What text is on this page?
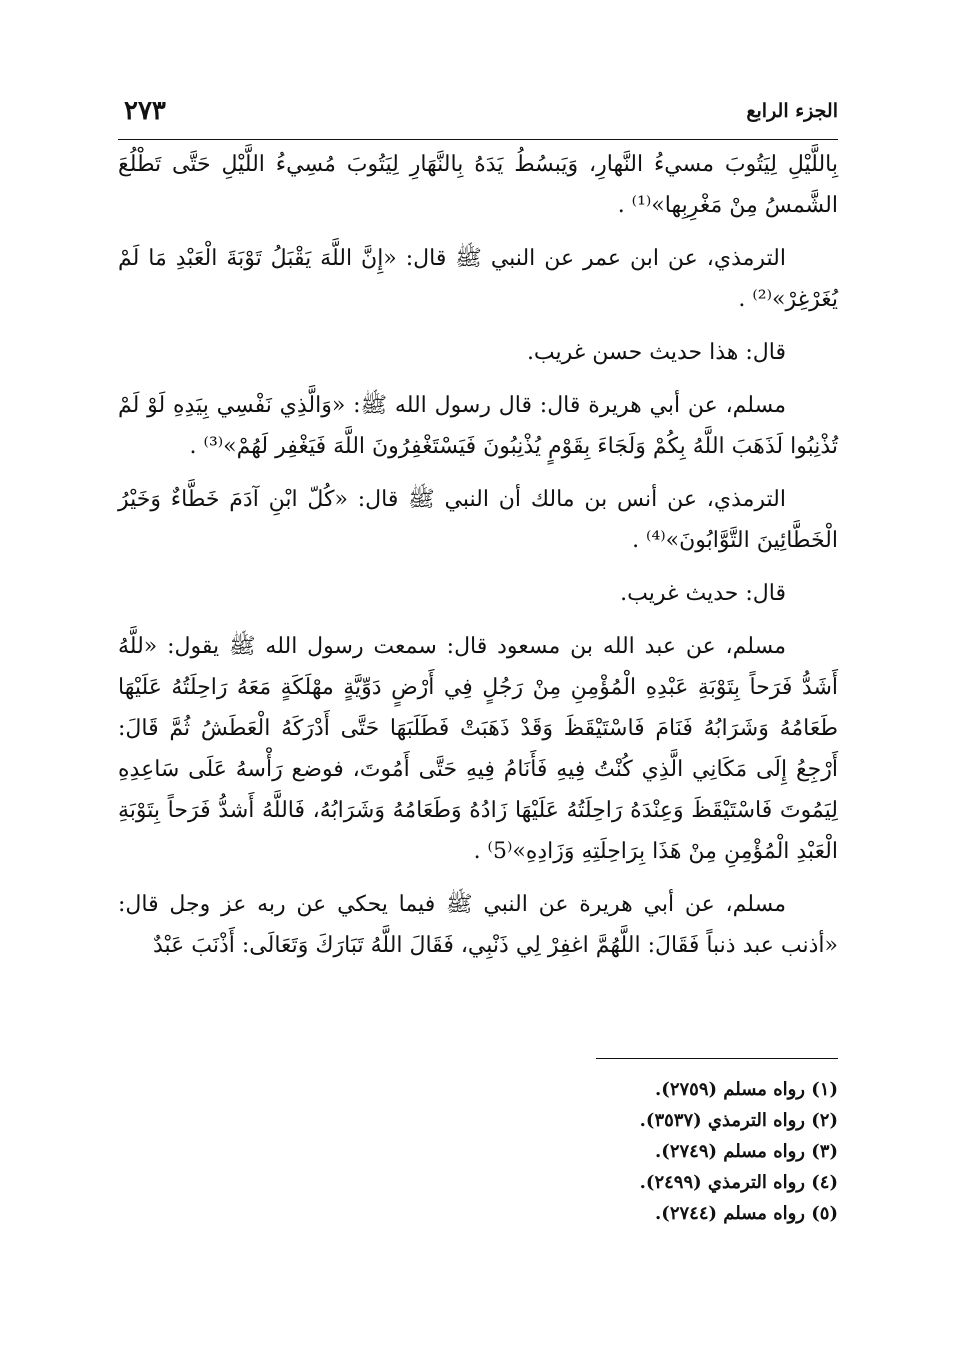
الجزء الرابع
٢٧٣

بِاللَّيْلِ لِيَتُوبَ مسيءُ النَّهارِ، وَيَبسُطُ يَدَهُ بِالنَّهَارِ لِيَتُوبَ مُسِيءُ اللَّيْلِ حَتَّى تَطْلُعَ الشَّمسُ مِنْ مَغْرِبِها»⁽¹⁾ .

الترمذي، عن ابن عمر عن النبي ﷺ قال: «إِنَّ اللَّهَ يَقْبَلُ تَوْبَةَ الْعَبْدِ مَا لَمْ يُغَرْغِرْ»⁽²⁾ .

قال: هذا حديث حسن غريب.

مسلم، عن أبي هريرة قال: قال رسول الله ﷺ: «وَالَّذِي نَفْسِي بِيَدِهِ لَوْ لَمْ تُذْنِبُوا لَذَهَبَ اللَّهُ بِكُمْ وَلَجَاءَ بِقَوْمٍ يُذْنِبُونَ فَيَسْتَغْفِرُونَ اللَّهَ فَيَغْفِر لَهُمْ»⁽³⁾ .

الترمذي، عن أنس بن مالك أن النبي ﷺ قال: «كُلّ ابْنِ آدَمَ خَطَّاءٌ وَخَيْرُ الْخَطَّائِينَ التَّوَّابُونَ»⁽⁴⁾ .

قال: حديث غريب.

مسلم، عن عبد الله بن مسعود قال: سمعت رسول الله ﷺ يقول: «للَّهُ أَشَدُّ فَرَحاً بِتَوْبَةِ عَبْدِهِ الْمُؤْمِنِ مِنْ رَجُلٍ فِي أَرْضٍ دَوِّيَّةٍ مهْلَكَةٍ مَعَهُ رَاحِلَتُهُ عَلَيْهَا طَعَامُهُ وَشَرَابُهُ فَنَامَ فَاسْتَيْقَظَ وَقَدْ ذَهَبَتْ فَطَلَبَهَا حَتَّى أَدْرَكَهُ الْعَطَشُ ثُمَّ قَالَ: أَرْجِعُ إِلَى مَكَانِي الَّذِي كُنْتُ فِيهِ فَأَنَامُ فِيهِ حَتَّى أَمُوتَ، فوضع رَأْسهُ عَلَى سَاعِدِهِ لِيَمُوتَ فَاسْتَيْقَظَ وَعِنْدَهُ رَاحِلَتُهُ عَلَيْهَا زَادُهُ وَطَعَامُهُ وَشَرَابُهُ، فَاللَّهُ أَشدُّ فَرَحاً بِتَوْبَةِ الْعَبْدِ الْمُؤْمِنِ مِنْ هَذَا بِرَاحِلَتِهِ وَزَادِهِ»⁽5⁾ .

مسلم، عن أبي هريرة عن النبي ﷺ فيما يحكي عن ربه عز وجل قال: «أذنب عبد ذنباً فَقَالَ: اللَّهُمَّ اغفِرْ لِي ذَنْبِي، فَقَالَ اللَّهُ تَبَارَكَ وَتَعَالَى: أَذْنَبَ عَبْدٌ

(١) رواه مسلم (٢٧٥٩).
(٢) رواه الترمذي (٣٥٣٧).
(٣) رواه مسلم (٢٧٤٩).
(٤) رواه الترمذي (٢٤٩٩).
(٥) رواه مسلم (٢٧٤٤).
